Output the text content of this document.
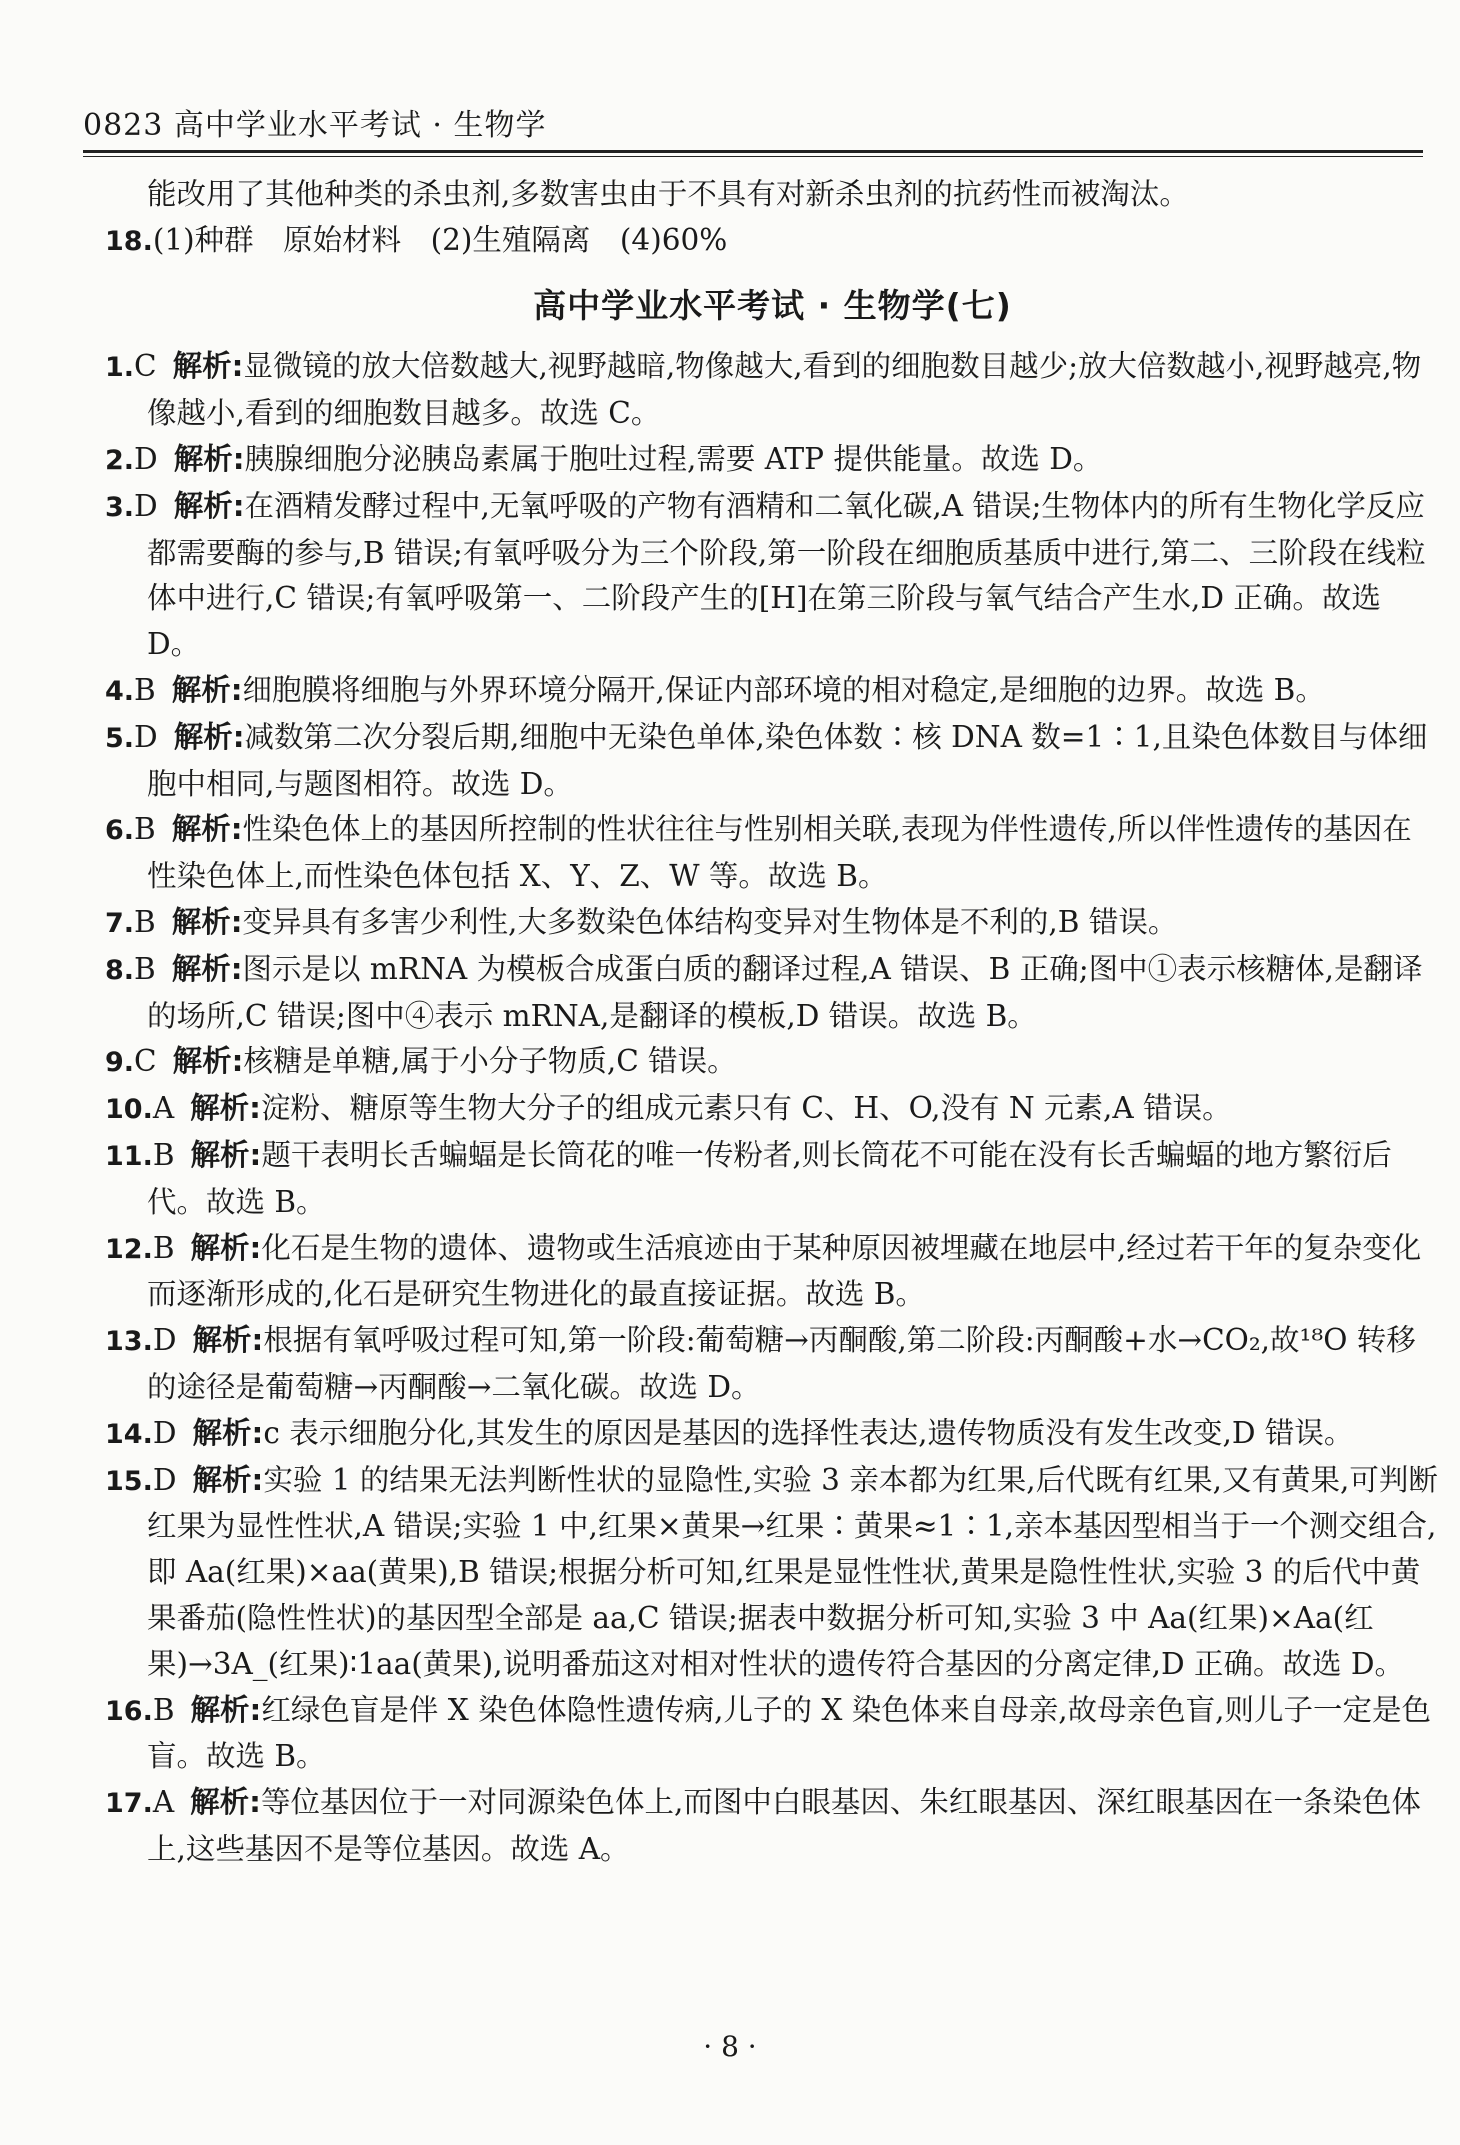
0823 高中学业水平考试 · 生物学

能改用了其他种类的杀虫剂,多数害虫由于不具有对新杀虫剂的抗药性而被淘汰。

18.(1)种群　原始材料　(2)生殖隔离　(4)60%

高中学业水平考试 · 生物学(七)

1.C 解析:显微镜的放大倍数越大,视野越暗,物像越大,看到的细胞数目越少;放大倍数越小,视野越亮,物像越小,看到的细胞数目越多。故选 C。

2.D 解析:胰腺细胞分泌胰岛素属于胞吐过程,需要 ATP 提供能量。故选 D。

3.D 解析:在酒精发酵过程中,无氧呼吸的产物有酒精和二氧化碳,A 错误;生物体内的所有生物化学反应都需要酶的参与,B 错误;有氧呼吸分为三个阶段,第一阶段在细胞质基质中进行,第二、三阶段在线粒体中进行,C 错误;有氧呼吸第一、二阶段产生的[H]在第三阶段与氧气结合产生水,D 正确。故选 D。

4.B 解析:细胞膜将细胞与外界环境分隔开,保证内部环境的相对稳定,是细胞的边界。故选 B。

5.D 解析:减数第二次分裂后期,细胞中无染色单体,染色体数∶核 DNA 数=1∶1,且染色体数目与体细胞中相同,与题图相符。故选 D。

6.B 解析:性染色体上的基因所控制的性状往往与性别相关联,表现为伴性遗传,所以伴性遗传的基因在性染色体上,而性染色体包括 X、Y、Z、W 等。故选 B。

7.B 解析:变异具有多害少利性,大多数染色体结构变异对生物体是不利的,B 错误。

8.B 解析:图示是以 mRNA 为模板合成蛋白质的翻译过程,A 错误、B 正确;图中①表示核糖体,是翻译的场所,C 错误;图中④表示 mRNA,是翻译的模板,D 错误。故选 B。

9.C 解析:核糖是单糖,属于小分子物质,C 错误。

10.A 解析:淀粉、糖原等生物大分子的组成元素只有 C、H、O,没有 N 元素,A 错误。

11.B 解析:题干表明长舌蝙蝠是长筒花的唯一传粉者,则长筒花不可能在没有长舌蝙蝠的地方繁衍后代。故选 B。

12.B 解析:化石是生物的遗体、遗物或生活痕迹由于某种原因被埋藏在地层中,经过若干年的复杂变化而逐渐形成的,化石是研究生物进化的最直接证据。故选 B。

13.D 解析:根据有氧呼吸过程可知,第一阶段:葡萄糖→丙酮酸,第二阶段:丙酮酸+水→CO₂,故¹⁸O 转移的途径是葡萄糖→丙酮酸→二氧化碳。故选 D。

14.D 解析:c 表示细胞分化,其发生的原因是基因的选择性表达,遗传物质没有发生改变,D 错误。

15.D 解析:实验 1 的结果无法判断性状的显隐性,实验 3 亲本都为红果,后代既有红果,又有黄果,可判断红果为显性性状,A 错误;实验 1 中,红果×黄果→红果∶黄果≈1∶1,亲本基因型相当于一个测交组合,即 Aa(红果)×aa(黄果),B 错误;根据分析可知,红果是显性性状,黄果是隐性性状,实验 3 的后代中黄果番茄(隐性性状)的基因型全部是 aa,C 错误;据表中数据分析可知,实验 3 中 Aa(红果)×Aa(红果)→3A_(红果)∶1aa(黄果),说明番茄这对相对性状的遗传符合基因的分离定律,D 正确。故选 D。

16.B 解析:红绿色盲是伴 X 染色体隐性遗传病,儿子的 X 染色体来自母亲,故母亲色盲,则儿子一定是色盲。故选 B。

17.A 解析:等位基因位于一对同源染色体上,而图中白眼基因、朱红眼基因、深红眼基因在一条染色体上,这些基因不是等位基因。故选 A。

· 8 ·
